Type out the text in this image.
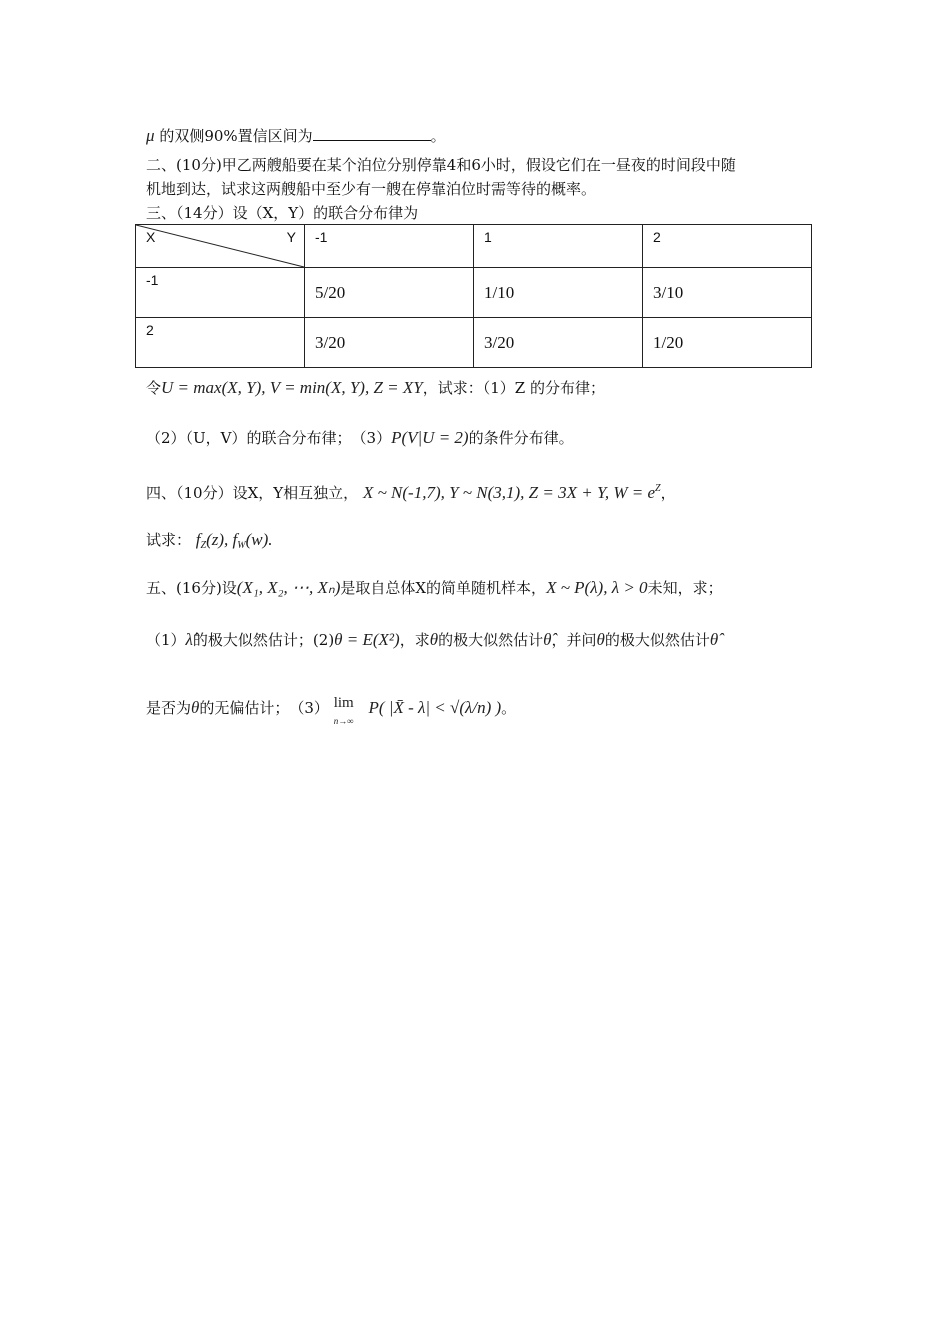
μ 的双侧90%置信区间为	。
二、(10分)甲乙两艘船要在某个泊位分别停靠4和6小时，假设它们在一昼夜的时间段中随
机地到达，试求这两艘船中至少有一艘在停靠泊位时需等待的概率。
三、（14分）设（X，Y）的联合分布律为
X Y	-1	1	2

-1	5/20	1/10	3/10

2	3/20	3/20	1/20
令U = max(X, Y), V = min(X, Y), Z = XY，试求：（1）Z 的分布律；
（2）（U，V）的联合分布律；　（3）P(V|U = 2)的条件分布律。
四、（10分）设X，Y相互独立， X ~ N(-1,7), Y ~ N(3,1), Z = 3X + Y, $W = e^Z$，
试求： $f_Z(z)$, $f_W(w)$.
五、(16分)设(X₁, X₂, ⋯, Xₙ)是取自总体X的简单随机样本，X ~ P(λ), λ > 0未知，求；
（1）λ̂的极大似然估计；(2)θ = E(X²)，求θ的极大似然估计θ̂，并问θ的极大似然估计θ̂
是否为θ的无偏估计；　（3） lim
n→∞
P( |X̄ - λ| < √(λ/n) )。
